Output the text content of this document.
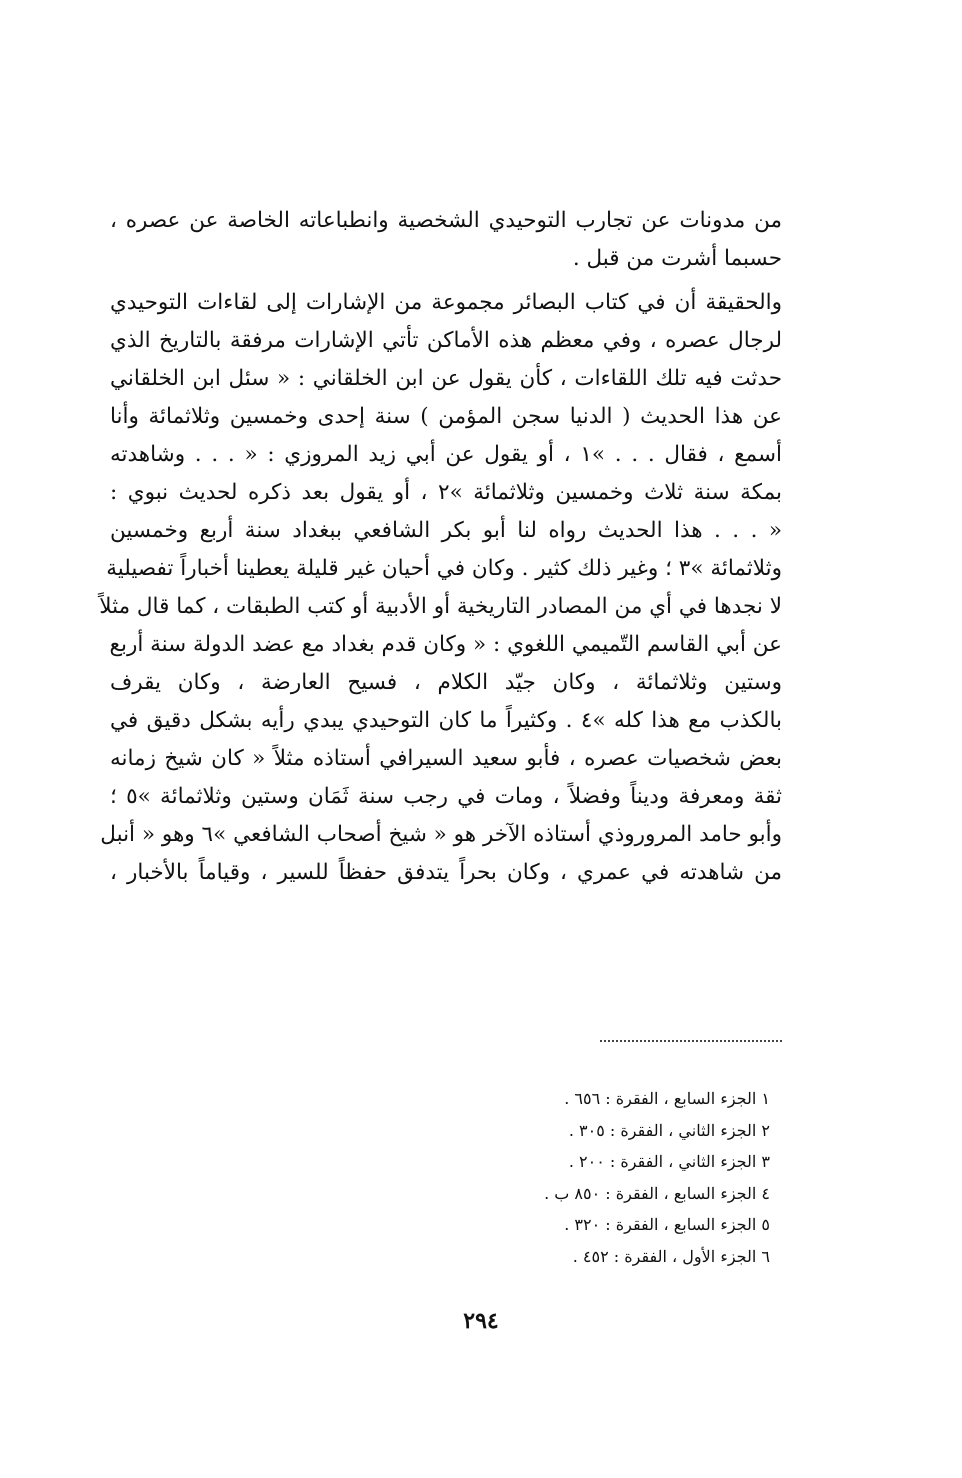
من مدونات عن تجارب التوحيدي الشخصية وانطباعاته الخاصة عن عصره ،
حسبما أشرت من قبل .
والحقيقة أن في كتاب البصائر مجموعة من الإشارات إلى لقاءات التوحيدي
لرجال عصره ، وفي معظم هذه الأماكن تأتي الإشارات مرفقة بالتاريخ الذي
حدثت فيه تلك اللقاءات ، كأن يقول عن ابن الخلقاني : « سئل ابن الخلقاني
عن هذا الحديث ( الدنيا سجن المؤمن ) سنة إحدى وخمسين وثلاثمائة وأنا
أسمع ، فقال . . . »١ ، أو يقول عن أبي زيد المروزي : « . . . وشاهدته
بمكة سنة ثلاث وخمسين وثلاثمائة »٢ ، أو يقول بعد ذكره لحديث نبوي :
« . . . هذا الحديث رواه لنا أبو بكر الشافعي ببغداد سنة أربع وخمسين
وثلاثمائة »٣ ؛ وغير ذلك كثير . وكان في أحيان غير قليلة يعطينا أخباراً تفصيلية
لا نجدها في أي من المصادر التاريخية أو الأدبية أو كتب الطبقات ، كما قال مثلاً
عن أبي القاسم التّميمي اللغوي : « وكان قدم بغداد مع عضد الدولة سنة أربع
وستين وثلاثمائة ، وكان جيّد الكلام ، فسيح العارضة ، وكان يقرف
بالكذب مع هذا كله »٤ . وكثيراً ما كان التوحيدي يبدي رأيه بشكل دقيق في
بعض شخصيات عصره ، فأبو سعيد السيرافي أستاذه مثلاً « كان شيخ زمانه
ثقة ومعرفة وديناً وفضلاً ، ومات في رجب سنة ثَمَان وستين وثلاثمائة »٥ ؛
وأبو حامد المروروذي أستاذه الآخر هو « شيخ أصحاب الشافعي »٦ وهو « أنبل
من شاهدته في عمري ، وكان بحراً يتدفق حفظاً للسير ، وقياماً بالأخبار ،
١ الجزء السابع ، الفقرة : ٦٥٦ .
٢ الجزء الثاني ، الفقرة : ٣٠٥ .
٣ الجزء الثاني ، الفقرة : ٢٠٠ .
٤ الجزء السابع ، الفقرة : ٨٥٠ ب .
٥ الجزء السابع ، الفقرة : ٣٢٠ .
٦ الجزء الأول ، الفقرة : ٤٥٢ .
٢٩٤
